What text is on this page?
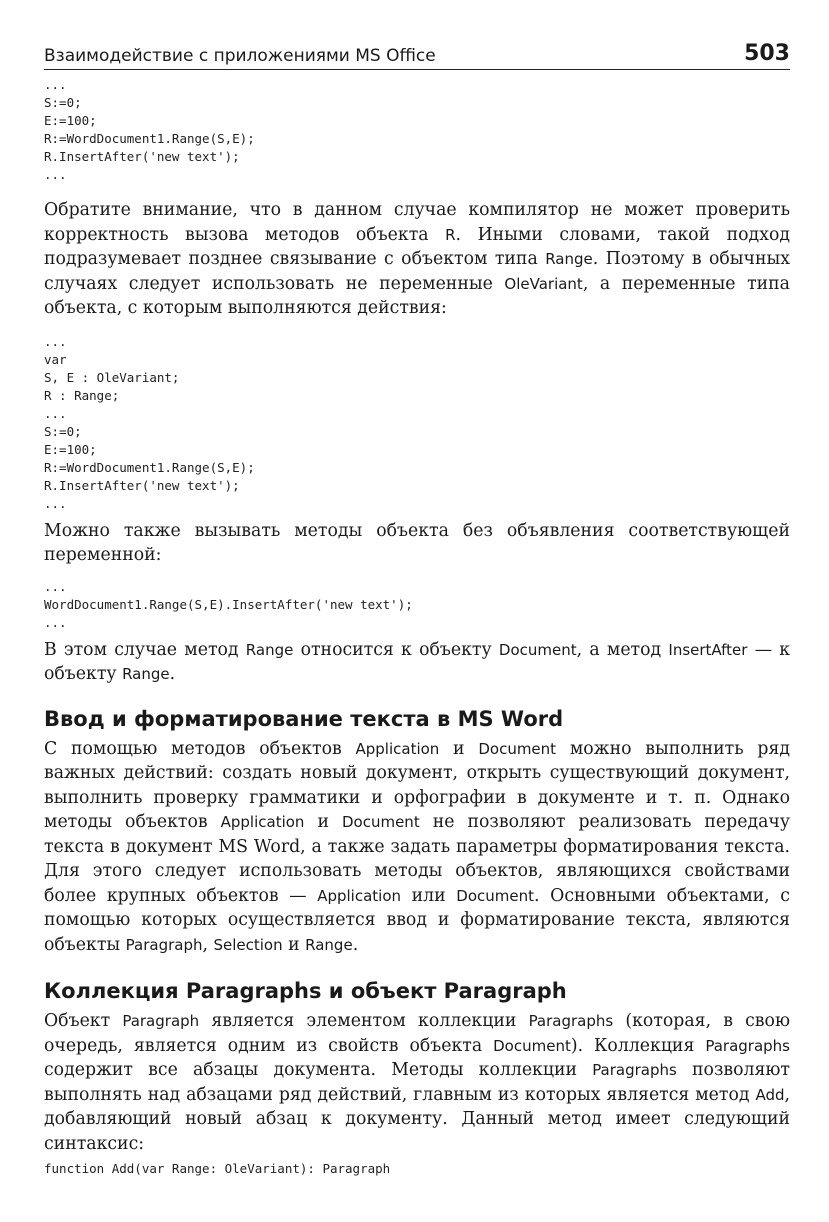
Взаимодействие с приложениями MS Office	503
...
S:=0;
E:=100;
R:=WordDocument1.Range(S,E);
R.InsertAfter('new text');
...

Обратите внимание, что в данном случае компилятор не может проверить корректность вызова методов объекта R. Иными словами, такой подход подразумевает позднее связывание с объектом типа Range. Поэтому в обычных случаях следует использовать не переменные OleVariant, а переменные типа объекта, с которым выполняются действия:

...
var
S, E : OleVariant;
R : Range;
...
S:=0;
E:=100;
R:=WordDocument1.Range(S,E);
R.InsertAfter('new text');
...

Можно также вызывать методы объекта без объявления соответствующей переменной:

...
WordDocument1.Range(S,E).InsertAfter('new text');
...

В этом случае метод Range относится к объекту Document, а метод InsertAfter — к объекту Range.

Ввод и форматирование текста в MS Word

С помощью методов объектов Application и Document можно выполнить ряд важных действий: создать новый документ, открыть существующий документ, выполнить проверку грамматики и орфографии в документе и т. п. Однако методы объектов Application и Document не позволяют реализовать передачу текста в документ MS Word, а также задать параметры форматирования текста. Для этого следует использовать методы объектов, являющихся свойствами более крупных объектов — Application или Document. Основными объектами, с помощью которых осуществляется ввод и форматирование текста, являются объекты Paragraph, Selection и Range.

Коллекция Paragraphs и объект Paragraph

Объект Paragraph является элементом коллекции Paragraphs (которая, в свою очередь, является одним из свойств объекта Document). Коллекция Paragraphs содержит все абзацы документа. Методы коллекции Paragraphs позволяют выполнять над абзацами ряд действий, главным из которых является метод Add, добавляющий новый абзац к документу. Данный метод имеет следующий синтаксис:

function Add(var Range: OleVariant): Paragraph
